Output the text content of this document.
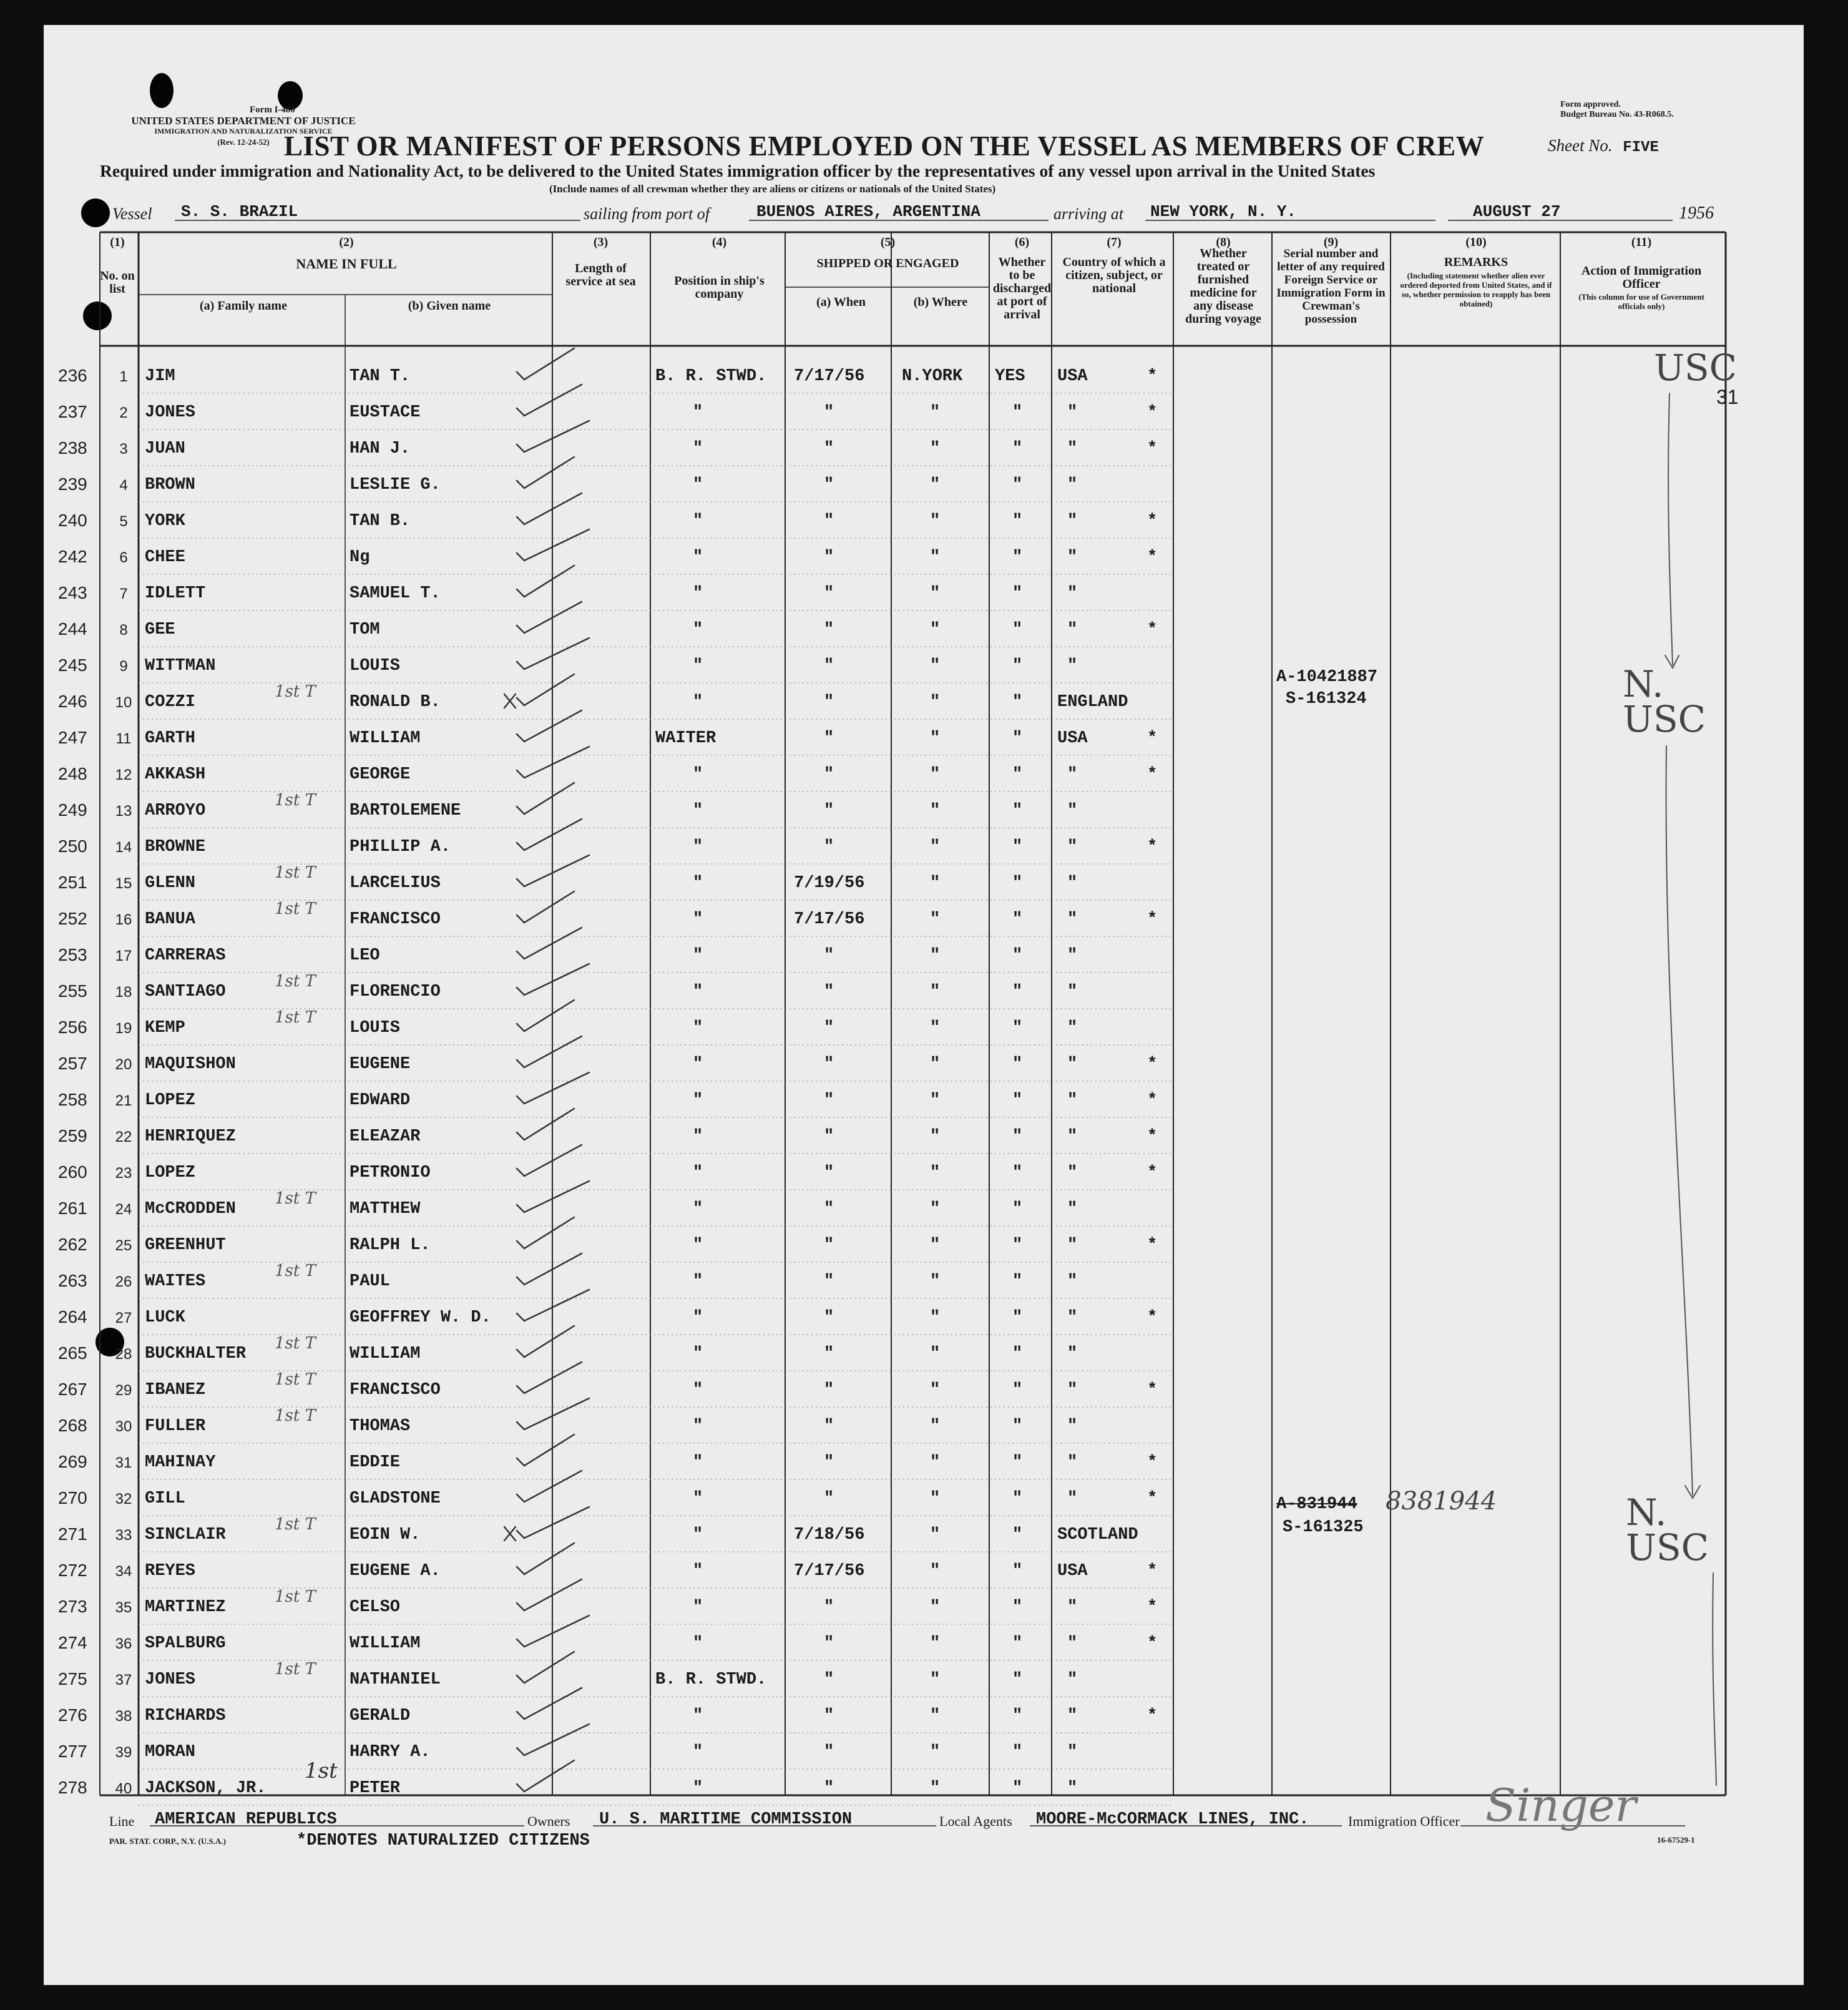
Form I-480
UNITED STATES DEPARTMENT OF JUSTICE
IMMIGRATION AND NATURALIZATION SERVICE
(Rev. 12-24-52)
Form approved.
Budget Bureau No. 43-R068.5.
LIST OR MANIFEST OF PERSONS EMPLOYED ON THE VESSEL AS MEMBERS OF CREW	Sheet No. FIVE
Required under immigration and Nationality Act, to be delivered to the United States immigration officer by the representatives of any vessel upon arrival in the United States
(Include names of all crewman whether they are aliens or citizens or nationals of the United States)
Vessel S. S. BRAZIL	sailing from port of	BUENOS AIRES, ARGENTINA	arriving at NEW YORK, N. Y.	AUGUST 27	1956
1st T
1st T
1st T
1st T
1st T
1st T
1st T
1st T
1st T
1st T
1st T
1st T
1st T
1st T
1st
(1)
No. on list
(2)
NAME IN FULL
(a) Family name	(b) Given name
(3)
Length of service at sea
(4)
Position in ship's company
(5)
SHIPPED OR ENGAGED
(a) When	(b) Where
(6)
Whether to be discharged at port of arrival
(7)
Country of which a citizen, subject, or national
(8)
Whether treated or furnished medicine for any disease during voyage
(9)
Serial number and letter of any required Foreign Service or Immigration Form in Crewman's possession
(10)
REMARKS
(Including statement whether alien ever ordered deported from United States, and if so, whether permission to reapply has been obtained)
(11)
Action of Immigration Officer
(This column for use of Government officials only)
236	1	JIM	TAN T.	B. R. STWD. 7/17/56 N.YORK YES USA	*
237	2	JONES	EUSTACE	"	"	"	"	"	*
238	3	JUAN	HAN J.	"	"	"	"	"	*
239	4	BROWN	LESLIE G.	"	"	"	"	"
240	5	YORK	TAN B.	"	"	"	"	"	*
242	6	CHEE	Ng	"	"	"	"	"	*
243	7	IDLETT	SAMUEL T.	"	"	"	"	"
244	8	GEE	TOM	"	"	"	"	"	*
245	9	WITTMAN	LOUIS	"	"	"	"	"
246 10 COZZI	RONALD B.	"	"	"	" ENGLAND
247	11 GARTH	WILLIAM	WAITER	"	"	" USA	*
248 12 AKKASH	GEORGE	"	"	"	"	"	*
249 13 ARROYO	BARTOLEMENE	"	"	"	"	"
250 14 BROWNE	PHILLIP A.	"	"	"	"	"	*
251 15 GLENN	LARCELIUS	"	7/19/56	"	"	"
252 16 BANUA	FRANCISCO	"	7/17/56	"	"	"	*
253 17 CARRERAS	LEO	"	"	"	"	"
255 18 SANTIAGO	FLORENCIO	"	"	"	"	"
256 19 KEMP	LOUIS	"	"	"	"	"
257 20 MAQUISHON	EUGENE	"	"	"	"	"	*
258 21 LOPEZ	EDWARD	"	"	"	"	"	*
259 22 HENRIQUEZ	ELEAZAR	"	"	"	"	"	*
260 23 LOPEZ	PETRONIO	"	"	"	"	"	*
261 24 McCRODDEN	MATTHEW	"	"	"	"	"
262 25 GREENHUT	RALPH L.	"	"	"	"	"	*
263 26 WAITES	PAUL	"	"	"	"	"
264 27 LUCK	GEOFFREY W. D.	"	"	"	"	"	*
265 28 BUCKHALTER	WILLIAM	"	"	"	"	"
267 29 IBANEZ	FRANCISCO	"	"	"	"	"	*
268 30 FULLER	THOMAS	"	"	"	"	"
269 31 MAHINAY	EDDIE	"	"	"	"	"	*
270 32 GILL	GLADSTONE	"	"	"	"	"	*
271 33 SINCLAIR	EOIN W.	"	7/18/56	"	" SCOTLAND
272 34 REYES	EUGENE A.	"	7/17/56	"	" USA	*
273 35 MARTINEZ	CELSO	"	"	"	"	"	*
274 36 SPALBURG	WILLIAM	"	"	"	"	"	*
275 37 JONES	NATHANIEL	B. R. STWD.	"	"	"	"
276 38 RICHARDS	GERALD	"	"	"	"	"	*
277 39 MORAN	HARRY A.	"	"	"	"	"
278 40 JACKSON, JR.	PETER	"	"	"	"	"
A-10421887
S-161324
A-831944 8381944
S-161325
USC
N. USC
N. USC
31
Singer
Line AMERICAN REPUBLICS	Owners U. S. MARITIME COMMISSION	Local Agents MOORE-McCORMACK LINES, INC.	Immigration Officer
PAR. STAT. CORP., N.Y. (U.S.A.)	*DENOTES NATURALIZED CITIZENS	16-67529-1
